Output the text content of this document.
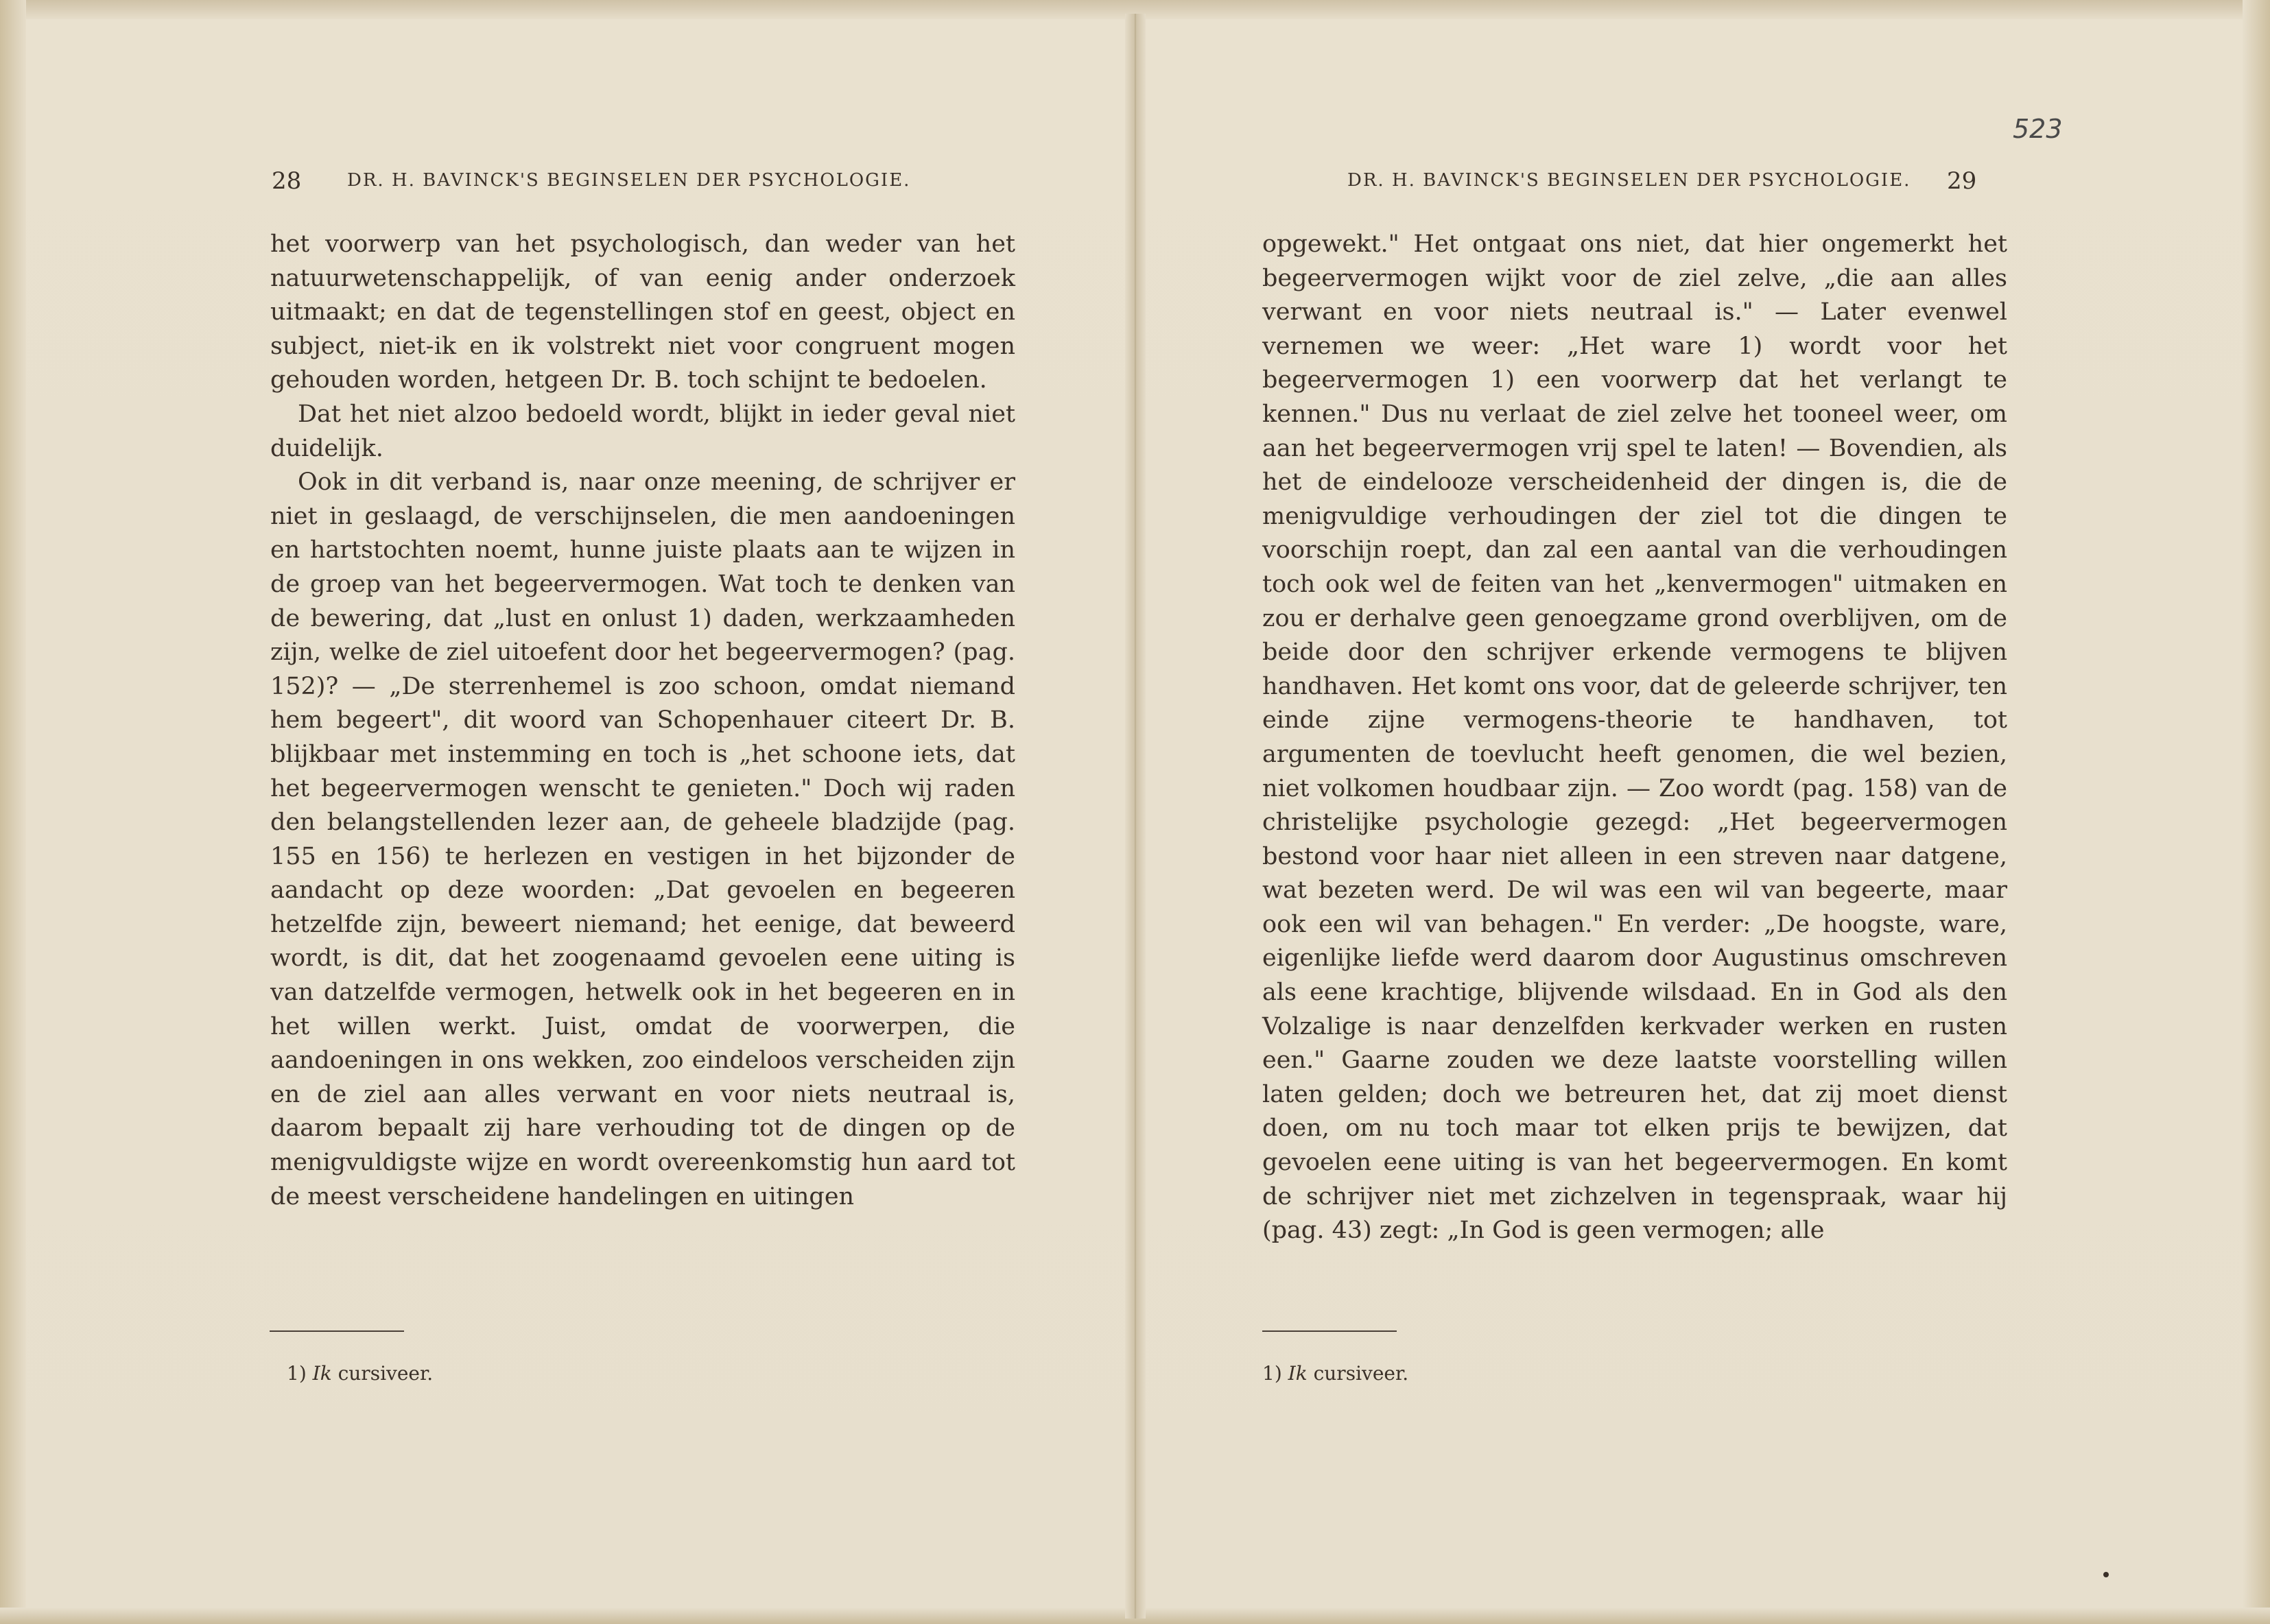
28	DR. H. BAVINCK'S BEGINSELEN DER PSYCHOLOGIE.

het voorwerp van het psychologisch, dan weder van het natuurwetenschappelijk, of van eenig ander onderzoek uitmaakt; en dat de tegenstellingen stof en geest, object en subject, niet-ik en ik volstrekt niet voor congruent mogen gehouden worden, hetgeen Dr. B. toch schijnt te bedoelen.

Dat het niet alzoo bedoeld wordt, blijkt in ieder geval niet duidelijk.

Ook in dit verband is, naar onze meening, de schrijver er niet in geslaagd, de verschijnselen, die men aandoeningen en hartstochten noemt, hunne juiste plaats aan te wijzen in de groep van het begeervermogen. Wat toch te denken van de bewering, dat „lust en onlust 1) daden, werkzaamheden zijn, welke de ziel uitoefent door het begeervermogen? (pag. 152)? — „De sterrenhemel is zoo schoon, omdat niemand hem begeert", dit woord van Schopenhauer citeert Dr. B. blijkbaar met instemming en toch is „het schoone iets, dat het begeervermogen wenscht te genieten." Doch wij raden den belangstellenden lezer aan, de geheele bladzijde (pag. 155 en 156) te herlezen en vestigen in het bijzonder de aandacht op deze woorden: „Dat gevoelen en begeeren hetzelfde zijn, beweert niemand; het eenige, dat beweerd wordt, is dit, dat het zoogenaamd gevoelen eene uiting is van datzelfde vermogen, hetwelk ook in het begeeren en in het willen werkt. Juist, omdat de voorwerpen, die aandoeningen in ons wekken, zoo eindeloos verscheiden zijn en de ziel aan alles verwant en voor niets neutraal is, daarom bepaalt zij hare verhouding tot de dingen op de menigvuldigste wijze en wordt overeenkomstig hun aard tot de meest verscheidene handelingen en uitingen

1) Ik cursiveer.
523
DR. H. BAVINCK'S BEGINSELEN DER PSYCHOLOGIE. 29

opgewekt." Het ontgaat ons niet, dat hier ongemerkt het begeervermogen wijkt voor de ziel zelve, „die aan alles verwant en voor niets neutraal is." — Later evenwel vernemen we weer: „Het ware 1) wordt voor het begeervermogen 1) een voorwerp dat het verlangt te kennen." Dus nu verlaat de ziel zelve het tooneel weer, om aan het begeervermogen vrij spel te laten! — Bovendien, als het de eindelooze verscheidenheid der dingen is, die de menigvuldige verhoudingen der ziel tot die dingen te voorschijn roept, dan zal een aantal van die verhoudingen toch ook wel de feiten van het „kenvermogen" uitmaken en zou er derhalve geen genoegzame grond overblijven, om de beide door den schrijver erkende vermogens te blijven handhaven. Het komt ons voor, dat de geleerde schrijver, ten einde zijne vermogens-theorie te handhaven, tot argumenten de toevlucht heeft genomen, die wel bezien, niet volkomen houdbaar zijn. — Zoo wordt (pag. 158) van de christelijke psychologie gezegd: „Het begeervermogen bestond voor haar niet alleen in een streven naar datgene, wat bezeten werd. De wil was een wil van begeerte, maar ook een wil van behagen." En verder: „De hoogste, ware, eigenlijke liefde werd daarom door Augustinus omschreven als eene krachtige, blijvende wilsdaad. En in God als den Volzalige is naar denzelfden kerkvader werken en rusten een." Gaarne zouden we deze laatste voorstelling willen laten gelden; doch we betreuren het, dat zij moet dienst doen, om nu toch maar tot elken prijs te bewijzen, dat gevoelen eene uiting is van het begeervermogen. En komt de schrijver niet met zichzelven in tegenspraak, waar hij (pag. 43) zegt: „In God is geen vermogen; alle

1) Ik cursiveer.
